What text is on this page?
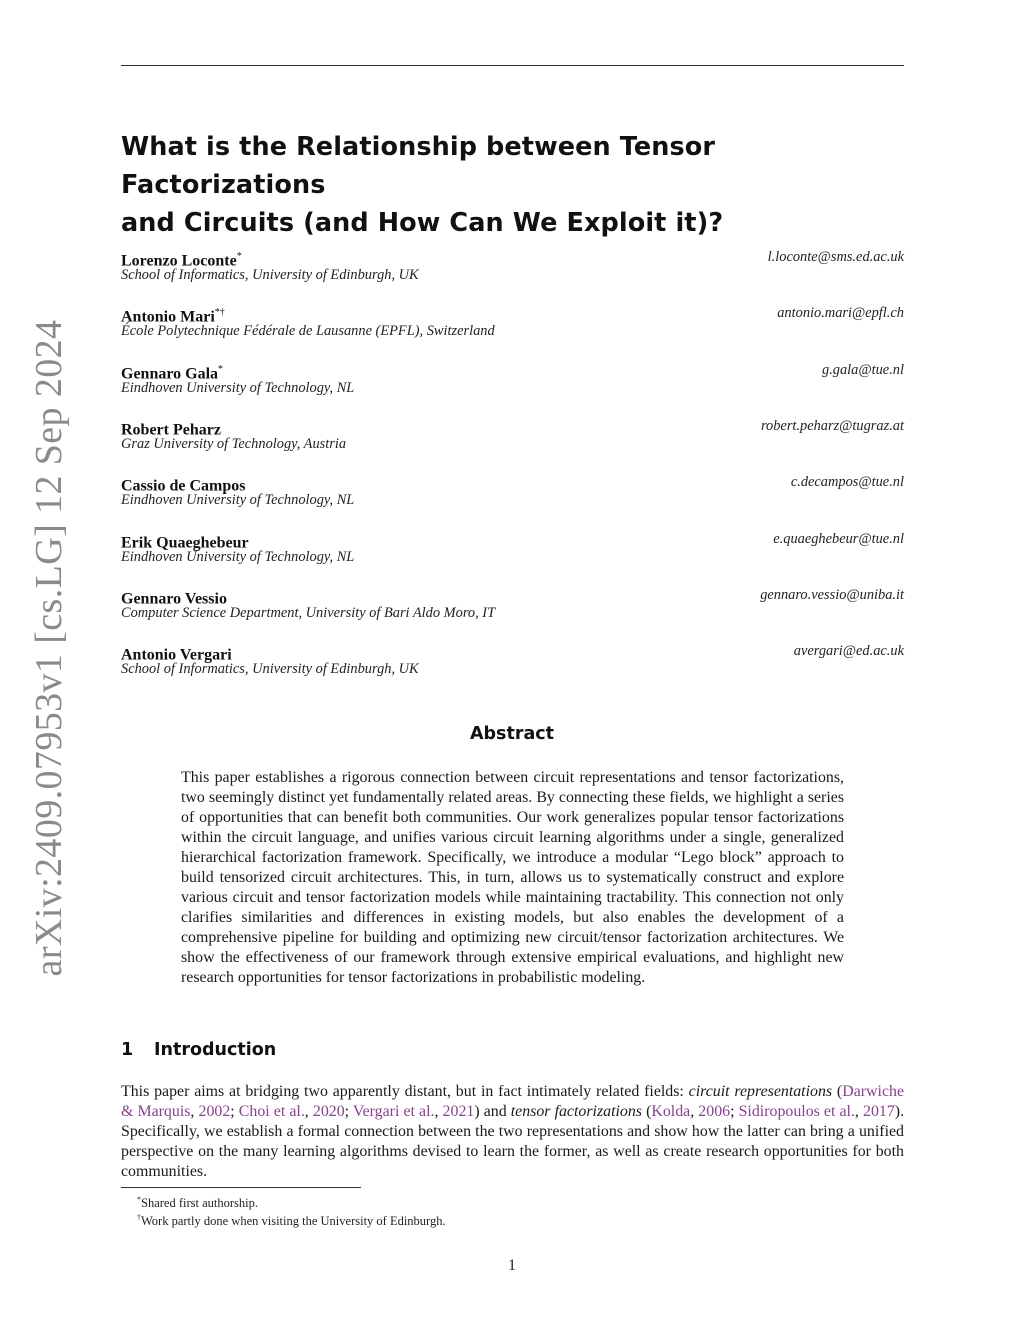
arXiv:2409.07953v1 [cs.LG] 12 Sep 2024
What is the Relationship between Tensor Factorizations
and Circuits (and How Can We Exploit it)?
Lorenzo Loconte*
School of Informatics, University of Edinburgh, UK
l.loconte@sms.ed.ac.uk
Antonio Mari*†
École Polytechnique Fédérale de Lausanne (EPFL), Switzerland
antonio.mari@epfl.ch
Gennaro Gala*
Eindhoven University of Technology, NL
g.gala@tue.nl
Robert Peharz
Graz University of Technology, Austria
robert.peharz@tugraz.at
Cassio de Campos
Eindhoven University of Technology, NL
c.decampos@tue.nl
Erik Quaeghebeur
Eindhoven University of Technology, NL
e.quaeghebeur@tue.nl
Gennaro Vessio
Computer Science Department, University of Bari Aldo Moro, IT
gennaro.vessio@uniba.it
Antonio Vergari
School of Informatics, University of Edinburgh, UK
avergari@ed.ac.uk
Abstract
This paper establishes a rigorous connection between circuit representations and tensor factorizations, two seemingly distinct yet fundamentally related areas. By connecting these fields, we highlight a series of opportunities that can benefit both communities. Our work generalizes popular tensor factorizations within the circuit language, and unifies various circuit learning algorithms under a single, generalized hierarchical factorization framework. Specifically, we introduce a modular “Lego block” approach to build tensorized circuit architectures. This, in turn, allows us to systematically construct and explore various circuit and tensor factorization models while maintaining tractability. This connection not only clarifies similarities and differences in existing models, but also enables the development of a comprehensive pipeline for building and optimizing new circuit/tensor factorization architectures. We show the effectiveness of our framework through extensive empirical evaluations, and highlight new research opportunities for tensor factorizations in probabilistic modeling.
1 Introduction
This paper aims at bridging two apparently distant, but in fact intimately related fields: circuit representations (Darwiche & Marquis, 2002; Choi et al., 2020; Vergari et al., 2021) and tensor factorizations (Kolda, 2006; Sidiropoulos et al., 2017). Specifically, we establish a formal connection between the two representations and show how the latter can bring a unified perspective on the many learning algorithms devised to learn the former, as well as create research opportunities for both communities.
*Shared first authorship.
†Work partly done when visiting the University of Edinburgh.
1
